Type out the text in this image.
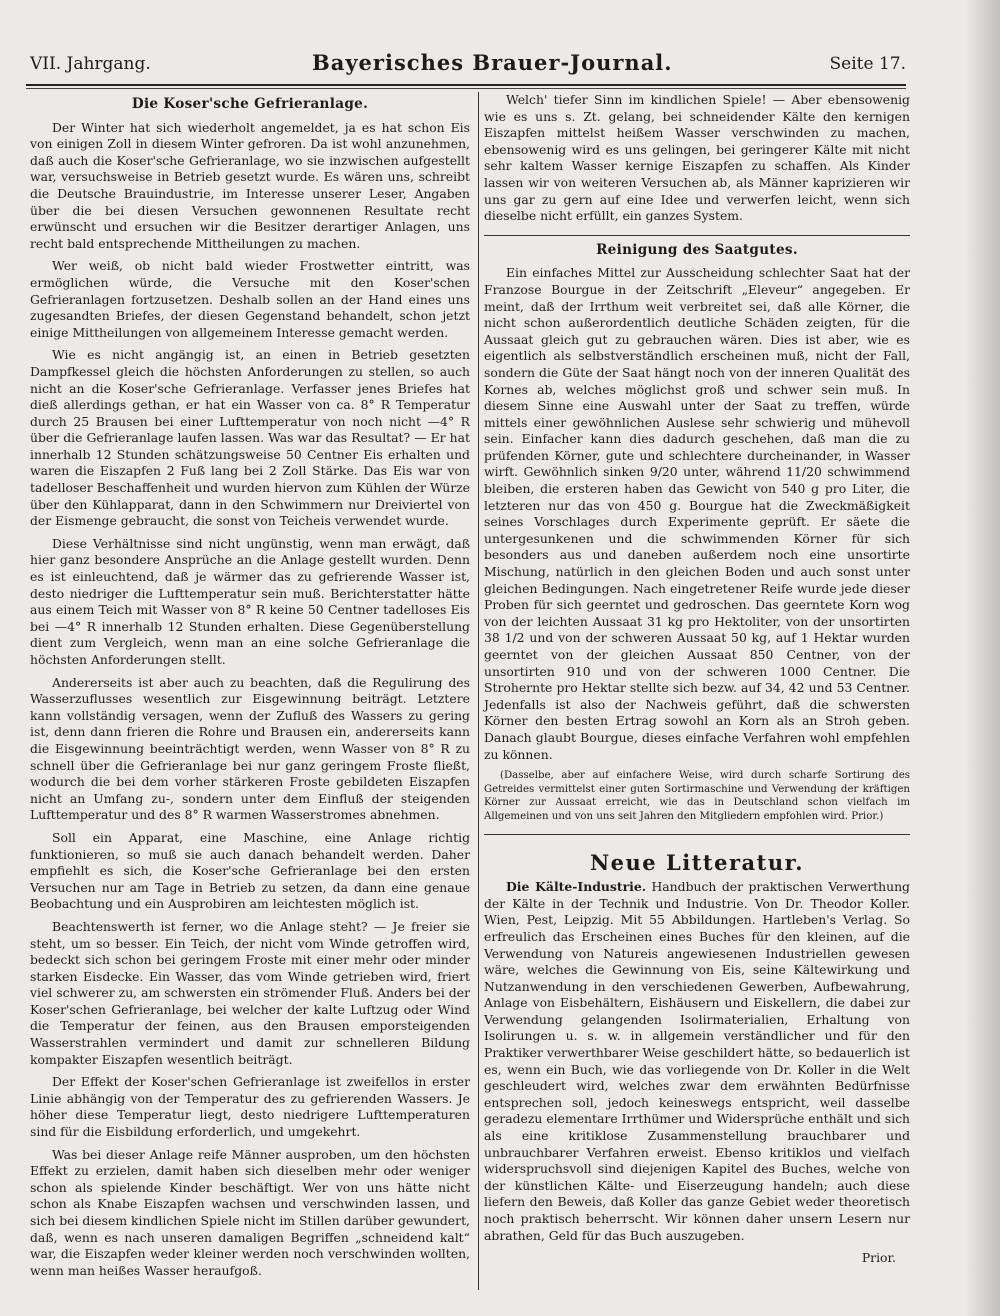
VII. Jahrgang.	Bayerisches Brauer-Journal.	Seite 17.
Die Koser'sche Gefrieranlage.

Der Winter hat sich wiederholt angemeldet, ja es hat schon Eis von einigen Zoll in diesem Winter gefroren. Da ist wohl anzunehmen, daß auch die Koser'sche Gefrieranlage, wo sie inzwischen aufgestellt war, versuchsweise in Betrieb gesetzt wurde. Es wären uns, schreibt die Deutsche Brauindustrie, im Interesse unserer Leser, Angaben über die bei diesen Versuchen gewonnenen Resultate recht erwünscht und ersuchen wir die Besitzer derartiger Anlagen, uns recht bald entsprechende Mittheilungen zu machen.

Wer weiß, ob nicht bald wieder Frostwetter eintritt, was ermöglichen würde, die Versuche mit den Koser'schen Gefrieranlagen fortzusetzen. Deshalb sollen an der Hand eines uns zugesandten Briefes, der diesen Gegenstand behandelt, schon jetzt einige Mittheilungen von allgemeinem Interesse gemacht werden.

Wie es nicht angängig ist, an einen in Betrieb gesetzten Dampfkessel gleich die höchsten Anforderungen zu stellen, so auch nicht an die Koser'sche Gefrieranlage. Verfasser jenes Briefes hat dieß allerdings gethan, er hat ein Wasser von ca. 8° R Temperatur durch 25 Brausen bei einer Lufttemperatur von noch nicht —4° R über die Gefrieranlage laufen lassen. Was war das Resultat? — Er hat innerhalb 12 Stunden schätzungsweise 50 Centner Eis erhalten und waren die Eiszapfen 2 Fuß lang bei 2 Zoll Stärke. Das Eis war von tadelloser Beschaffenheit und wurden hiervon zum Kühlen der Würze über den Kühlapparat, dann in den Schwimmern nur Dreiviertel von der Eismenge gebraucht, die sonst von Teicheis verwendet wurde.

Diese Verhältnisse sind nicht ungünstig, wenn man erwägt, daß hier ganz besondere Ansprüche an die Anlage gestellt wurden. Denn es ist einleuchtend, daß je wärmer das zu gefrierende Wasser ist, desto niedriger die Lufttemperatur sein muß. Berichterstatter hätte aus einem Teich mit Wasser von 8° R keine 50 Centner tadelloses Eis bei —4° R innerhalb 12 Stunden erhalten. Diese Gegenüberstellung dient zum Vergleich, wenn man an eine solche Gefrieranlage die höchsten Anforderungen stellt.

Andererseits ist aber auch zu beachten, daß die Regulirung des Wasserzuflusses wesentlich zur Eisgewinnung beiträgt. Letztere kann vollständig versagen, wenn der Zufluß des Wassers zu gering ist, denn dann frieren die Rohre und Brausen ein, andererseits kann die Eisgewinnung beeinträchtigt werden, wenn Wasser von 8° R zu schnell über die Gefrieranlage bei nur ganz geringem Froste fließt, wodurch die bei dem vorher stärkeren Froste gebildeten Eiszapfen nicht an Umfang zu-, sondern unter dem Einfluß der steigenden Lufttemperatur und des 8° R warmen Wasserstromes abnehmen.

Soll ein Apparat, eine Maschine, eine Anlage richtig funktionieren, so muß sie auch danach behandelt werden. Daher empfiehlt es sich, die Koser'sche Gefrieranlage bei den ersten Versuchen nur am Tage in Betrieb zu setzen, da dann eine genaue Beobachtung und ein Ausprobiren am leichtesten möglich ist.

Beachtenswerth ist ferner, wo die Anlage steht? — Je freier sie steht, um so besser. Ein Teich, der nicht vom Winde getroffen wird, bedeckt sich schon bei geringem Froste mit einer mehr oder minder starken Eisdecke. Ein Wasser, das vom Winde getrieben wird, friert viel schwerer zu, am schwersten ein strömender Fluß. Anders bei der Koser'schen Gefrieranlage, bei welcher der kalte Luftzug oder Wind die Temperatur der feinen, aus den Brausen emporsteigenden Wasserstrahlen vermindert und damit zur schnelleren Bildung kompakter Eiszapfen wesentlich beiträgt.

Der Effekt der Koser'schen Gefrieranlage ist zweifellos in erster Linie abhängig von der Temperatur des zu gefrierenden Wassers. Je höher diese Temperatur liegt, desto niedrigere Lufttemperaturen sind für die Eisbildung erforderlich, und umgekehrt.

Was bei dieser Anlage reife Männer ausproben, um den höchsten Effekt zu erzielen, damit haben sich dieselben mehr oder weniger schon als spielende Kinder beschäftigt. Wer von uns hätte nicht schon als Knabe Eiszapfen wachsen und verschwinden lassen, und sich bei diesem kindlichen Spiele nicht im Stillen darüber gewundert, daß, wenn es nach unseren damaligen Begriffen „schneidend kalt“ war, die Eiszapfen weder kleiner werden noch verschwinden wollten, wenn man heißes Wasser heraufgoß.

Welch' tiefer Sinn im kindlichen Spiele! — Aber ebensowenig wie es uns s. Zt. gelang, bei schneidender Kälte den kernigen Eiszapfen mittelst heißem Wasser verschwinden zu machen, ebensowenig wird es uns gelingen, bei geringerer Kälte mit nicht sehr kaltem Wasser kernige Eiszapfen zu schaffen. Als Kinder lassen wir von weiteren Versuchen ab, als Männer kaprizieren wir uns gar zu gern auf eine Idee und verwerfen leicht, wenn sich dieselbe nicht erfüllt, ein ganzes System.

Reinigung des Saatgutes.

Ein einfaches Mittel zur Ausscheidung schlechter Saat hat der Franzose Bourgue in der Zeitschrift „Eleveur“ angegeben. Er meint, daß der Irrthum weit verbreitet sei, daß alle Körner, die nicht schon außerordentlich deutliche Schäden zeigten, für die Aussaat gleich gut zu gebrauchen wären. Dies ist aber, wie es eigentlich als selbstverständlich erscheinen muß, nicht der Fall, sondern die Güte der Saat hängt noch von der inneren Qualität des Kornes ab, welches möglichst groß und schwer sein muß. In diesem Sinne eine Auswahl unter der Saat zu treffen, würde mittels einer gewöhnlichen Auslese sehr schwierig und mühevoll sein. Einfacher kann dies dadurch geschehen, daß man die zu prüfenden Körner, gute und schlechtere durcheinander, in Wasser wirft. Gewöhnlich sinken 9/20 unter, während 11/20 schwimmend bleiben, die ersteren haben das Gewicht von 540 g pro Liter, die letzteren nur das von 450 g. Bourgue hat die Zweckmäßigkeit seines Vorschlages durch Experimente geprüft. Er säete die untergesunkenen und die schwimmenden Körner für sich besonders aus und daneben außerdem noch eine unsortirte Mischung, natürlich in den gleichen Boden und auch sonst unter gleichen Bedingungen. Nach eingetretener Reife wurde jede dieser Proben für sich geerntet und gedroschen. Das geerntete Korn wog von der leichten Aussaat 31 kg pro Hektoliter, von der unsortirten 38 1/2 und von der schweren Aussaat 50 kg, auf 1 Hektar wurden geerntet von der gleichen Aussaat 850 Centner, von der unsortirten 910 und von der schweren 1000 Centner. Die Strohernte pro Hektar stellte sich bezw. auf 34, 42 und 53 Centner. Jedenfalls ist also der Nachweis geführt, daß die schwersten Körner den besten Ertrag sowohl an Korn als an Stroh geben. Danach glaubt Bourgue, dieses einfache Verfahren wohl empfehlen zu können.

(Dasselbe, aber auf einfachere Weise, wird durch scharfe Sortirung des Getreides vermittelst einer guten Sortirmaschine und Verwendung der kräftigen Körner zur Aussaat erreicht, wie das in Deutschland schon vielfach im Allgemeinen und von uns seit Jahren den Mitgliedern empfohlen wird. Prior.)

Neue Litteratur.

Die Kälte-Industrie. Handbuch der praktischen Verwerthung der Kälte in der Technik und Industrie. Von Dr. Theodor Koller. Wien, Pest, Leipzig. Mit 55 Abbildungen. Hartleben's Verlag. So erfreulich das Erscheinen eines Buches für den kleinen, auf die Verwendung von Natureis angewiesenen Industriellen gewesen wäre, welches die Gewinnung von Eis, seine Kältewirkung und Nutzanwendung in den verschiedenen Gewerben, Aufbewahrung, Anlage von Eisbehältern, Eishäusern und Eiskellern, die dabei zur Verwendung gelangenden Isolirmaterialien, Erhaltung von Isolirungen u. s. w. in allgemein verständlicher und für den Praktiker verwerthbarer Weise geschildert hätte, so bedauerlich ist es, wenn ein Buch, wie das vorliegende von Dr. Koller in die Welt geschleudert wird, welches zwar dem erwähnten Bedürfnisse entsprechen soll, jedoch keineswegs entspricht, weil dasselbe geradezu elementare Irrthümer und Widersprüche enthält und sich als eine kritiklose Zusammenstellung brauchbarer und unbrauchbarer Verfahren erweist. Ebenso kritiklos und vielfach widerspruchsvoll sind diejenigen Kapitel des Buches, welche von der künstlichen Kälte- und Eiserzeugung handeln; auch diese liefern den Beweis, daß Koller das ganze Gebiet weder theoretisch noch praktisch beherrscht. Wir können daher unsern Lesern nur abrathen, Geld für das Buch auszugeben.

Prior.
